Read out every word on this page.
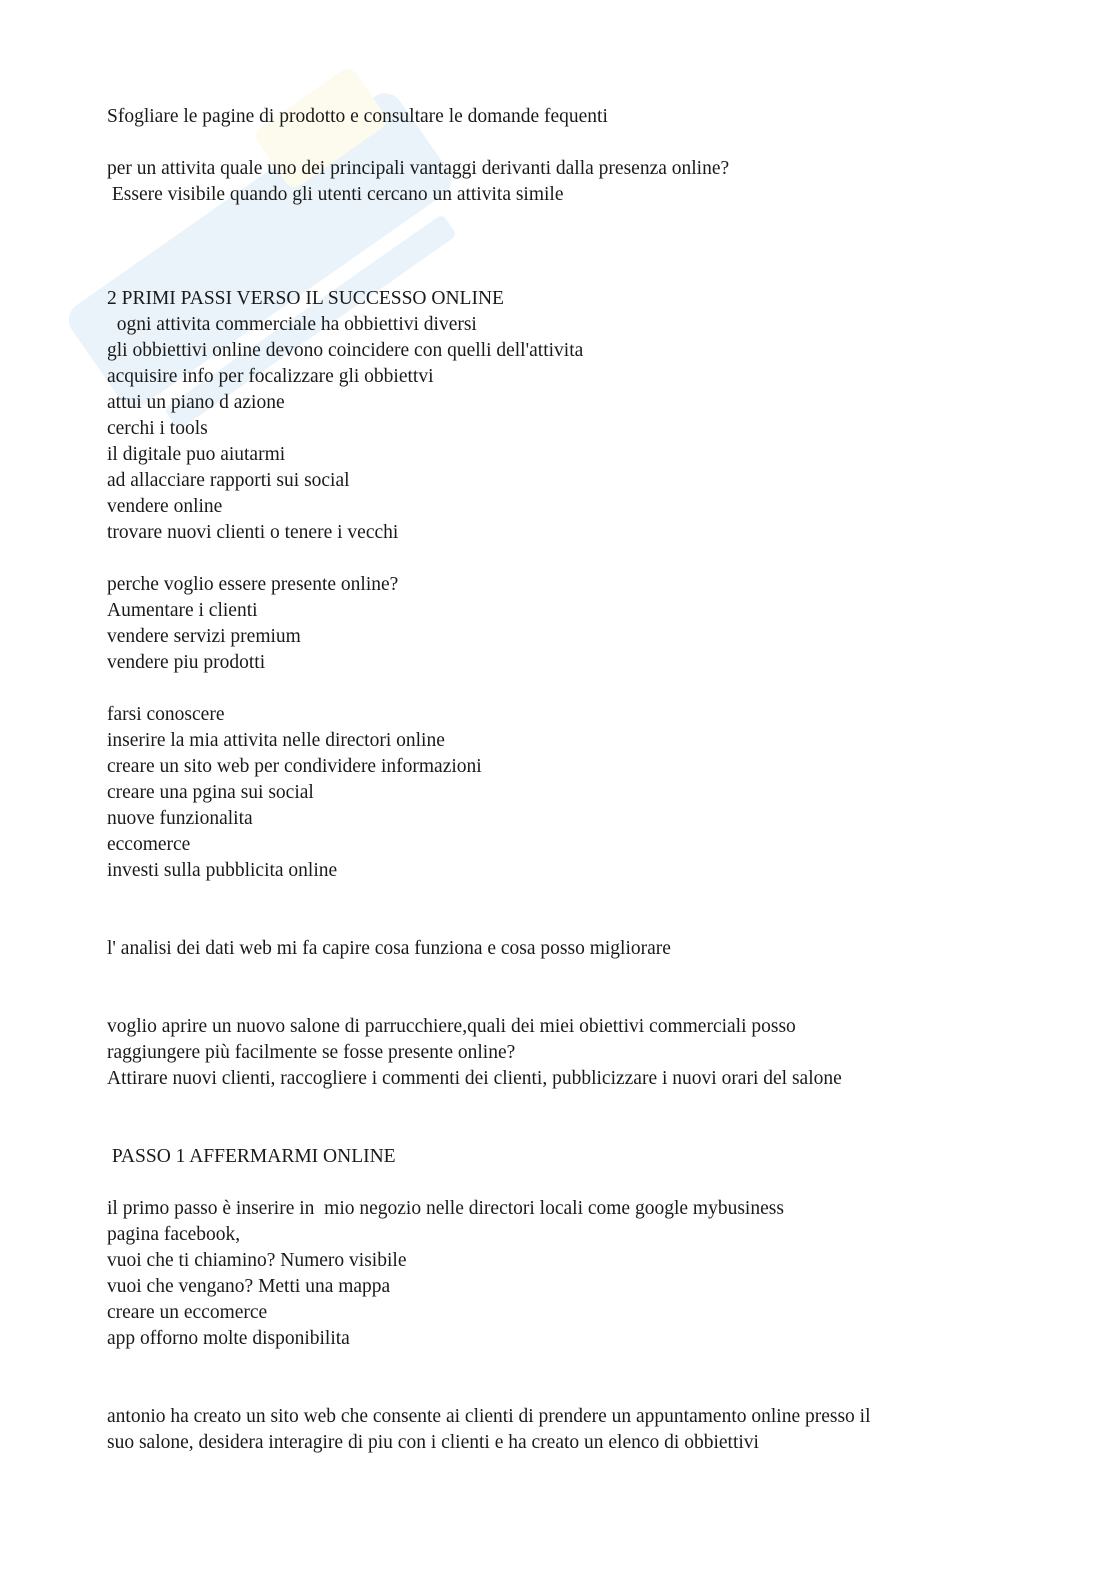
Sfogliare le pagine di prodotto e consultare le domande fequenti
per un attivita quale uno dei principali vantaggi derivanti dalla presenza online?
Essere visibile quando gli utenti cercano un attivita simile
2 PRIMI PASSI VERSO IL SUCCESSO ONLINE
ogni attivita commerciale ha obbiettivi diversi
gli obbiettivi online devono coincidere con quelli dell'attivita
acquisire info per focalizzare gli obbiettvi
attui un piano d azione
cerchi i tools
il digitale puo aiutarmi
ad allacciare rapporti sui social
vendere online
trovare nuovi clienti o tenere i vecchi
perche voglio essere presente online?
Aumentare i clienti
vendere servizi premium
vendere piu prodotti
farsi conoscere
inserire la mia attivita nelle directori online
creare un sito web per condividere informazioni
creare una pgina sui social
nuove funzionalita
eccomerce
investi sulla pubblicita online
l' analisi dei dati web mi fa capire cosa funziona e cosa posso migliorare
voglio aprire un nuovo salone di parrucchiere,quali dei miei obiettivi commerciali posso
raggiungere più facilmente se fosse presente online?
Attirare nuovi clienti, raccogliere i commenti dei clienti, pubblicizzare i nuovi orari del salone
PASSO 1 AFFERMARMI ONLINE
il primo passo è inserire in  mio negozio nelle directori locali come google mybusiness
pagina facebook,
vuoi che ti chiamino? Numero visibile
vuoi che vengano? Metti una mappa
creare un eccomerce
app offorno molte disponibilita
antonio ha creato un sito web che consente ai clienti di prendere un appuntamento online presso il
suo salone, desidera interagire di piu con i clienti e ha creato un elenco di obbiettivi
